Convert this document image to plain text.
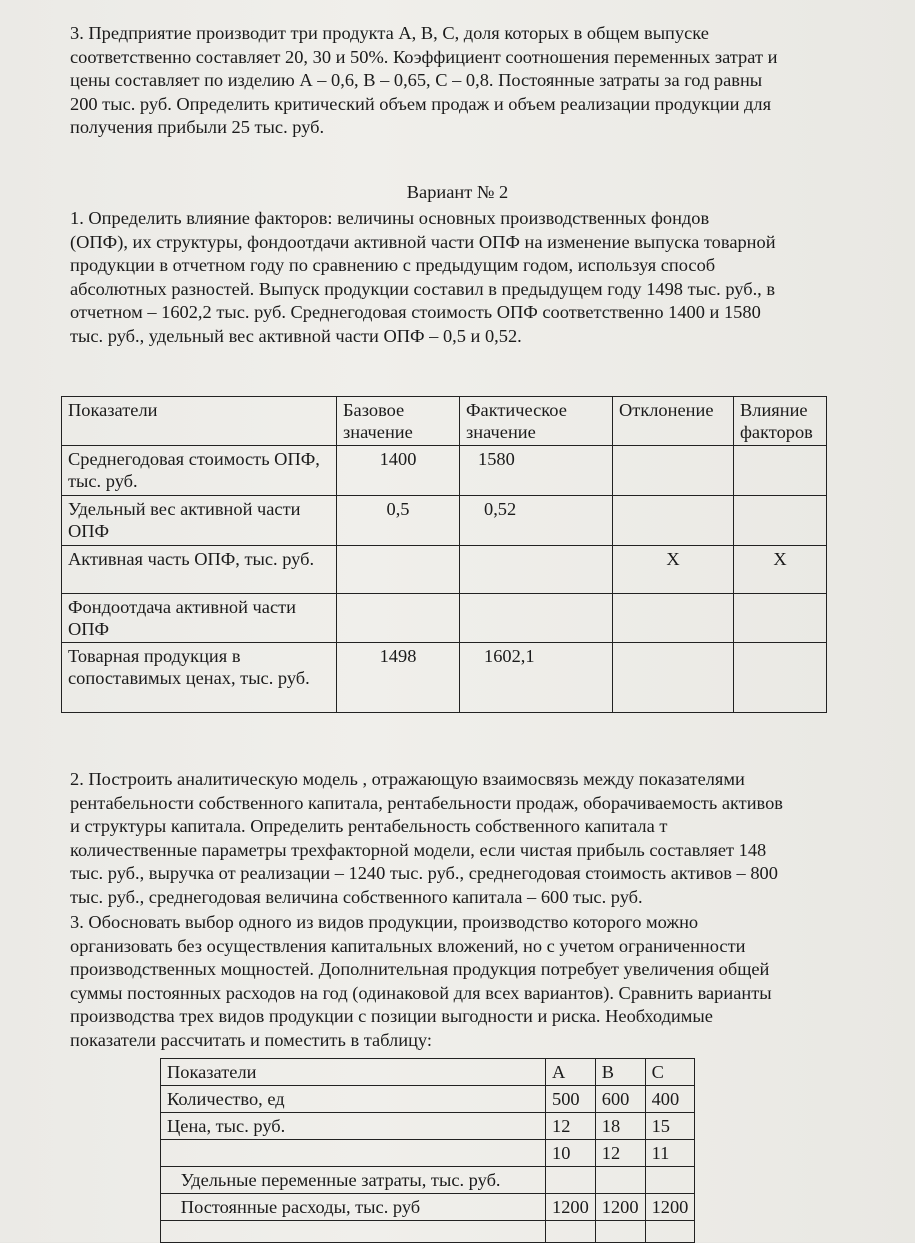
3. Предприятие производит три продукта А, В, С, доля которых в общем выпуске
соответственно составляет 20, 30 и 50%. Коэффициент соотношения переменных затрат и
цены составляет по изделию А – 0,6, В – 0,65, С – 0,8. Постоянные затраты за год равны
200 тыс. руб. Определить критический объем продаж и объем реализации продукции для
получения прибыли 25 тыс. руб.
Вариант № 2
1. Определить влияние факторов: величины основных производственных фондов
(ОПФ), их структуры, фондоотдачи активной части ОПФ на изменение выпуска товарной
продукции в отчетном году по сравнению с предыдущим годом, используя способ
абсолютных разностей. Выпуск продукции составил в предыдущем году 1498 тыс. руб., в
отчетном – 1602,2 тыс. руб. Среднегодовая стоимость ОПФ соответственно 1400 и 1580
тыс. руб., удельный вес активной части ОПФ – 0,5 и 0,52.
Показатели	Базовое значение	Фактическое значение	Отклонение	Влияние факторов
Среднегодовая стоимость ОПФ, тыс. руб.	1400	1580		
Удельный вес активной части ОПФ	0,5	0,52		
Активная часть ОПФ, тыс. руб.			Х	Х
Фондоотдача активной части ОПФ				
Товарная продукция в сопоставимых ценах, тыс. руб.	1498	1602,1		
2. Построить аналитическую модель , отражающую взаимосвязь между показателями
рентабельности собственного капитала, рентабельности продаж, оборачиваемость активов
и структуры капитала. Определить рентабельность собственного капитала т
количественные параметры трехфакторной модели, если чистая прибыль составляет 148
тыс. руб., выручка от реализации – 1240 тыс. руб., среднегодовая стоимость активов – 800
тыс. руб., среднегодовая величина собственного капитала – 600 тыс. руб.
3. Обосновать выбор одного из видов продукции, производство которого можно
организовать без осуществления капитальных вложений, но с учетом ограниченности
производственных мощностей. Дополнительная продукция потребует увеличения общей
суммы постоянных расходов на год (одинаковой для всех вариантов). Сравнить варианты
производства трех видов продукции с позиции выгодности и риска. Необходимые
показатели рассчитать и поместить в таблицу:
Показатели	А	В	С
Количество, ед	500	600	400
Цена, тыс. руб.	12	18	15
	10	12	11
Удельные переменные затраты, тыс. руб.			
Постоянные расходы, тыс. руб	1200	1200	1200
